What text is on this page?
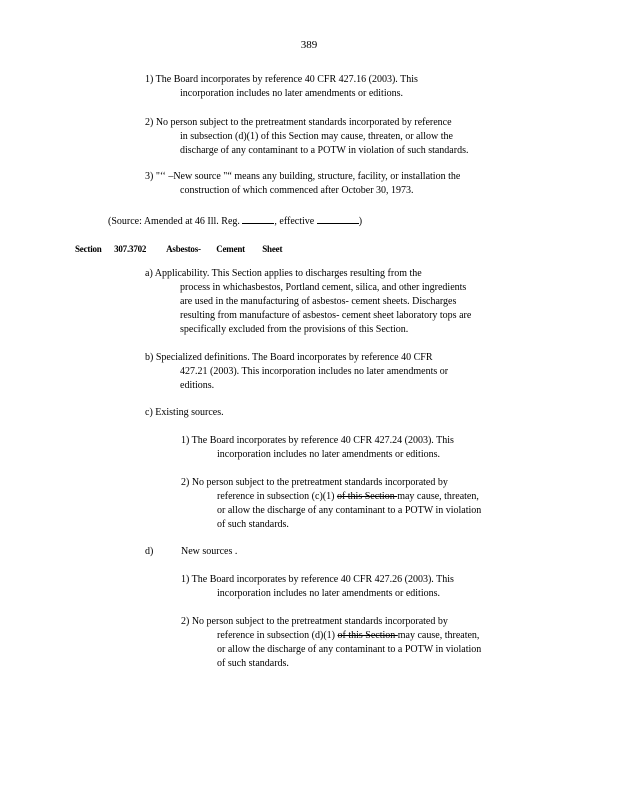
389
1) The Board incorporates by reference 40 CFR 427.16 (2003). This
incorporation includes no later amendments or editions.
2) No person subject to the pretreatment standards incorporated by reference
in subsection (d)(1) of this Section may cause, threaten, or allow the
discharge of any contaminant to a POTW in violation of such standards.
3) "‘‘ –New source "“ means any building, structure, facility, or installation the
construction of which commenced after October 30, 1973.
(Source: Amended at 46 Ill. Reg.	, effective	)
Section 307.3702 Asbestos- Cement Sheet
a) Applicability. This Section applies to discharges resulting from the
process in whichasbestos, Portland cement, silica, and other ingredients
are used in the manufacturing of asbestos- cement sheets. Discharges
resulting from manufacture of asbestos- cement sheet laboratory tops are
specifically excluded from the provisions of this Section.
b) Specialized definitions. The Board incorporates by reference 40 CFR
427.21 (2003). This incorporation includes no later amendments or
editions.
c) Existing sources.
1) The Board incorporates by reference 40 CFR 427.24 (2003). This
incorporation includes no later amendments or editions.
2) No person subject to the pretreatment standards incorporated by
reference in subsection (c)(1) of this Section may cause, threaten,
or allow the discharge of any contaminant to a POTW in violation
of such standards.
d)	New sources .
1) The Board incorporates by reference 40 CFR 427.26 (2003). This
incorporation includes no later amendments or editions.
2) No person subject to the pretreatment standards incorporated by
reference in subsection (d)(1) of this Section may cause, threaten,
or allow the discharge of any contaminant to a POTW in violation
of such standards.
